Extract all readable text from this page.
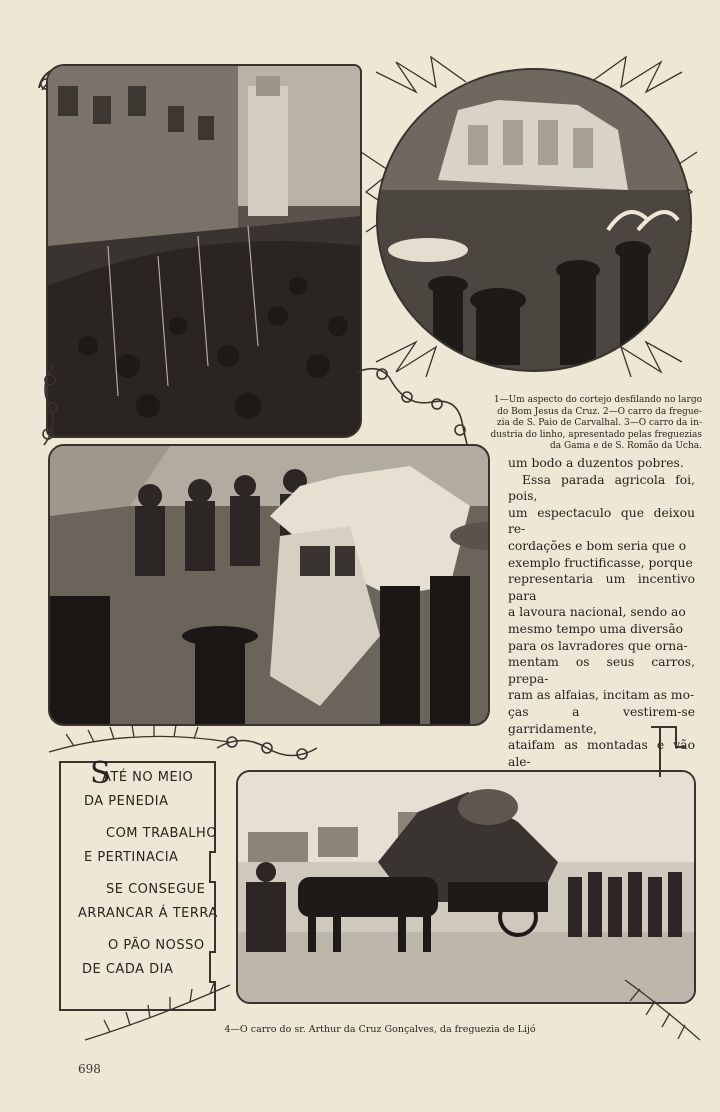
1—Um aspecto do cortejo desfilando no largo
do Bom Jesus da Cruz. 2—O carro da fregue-
zia de S. Paio de Carvalhal. 3—O carro da in-
dustria do linho, apresentado pelas freguezias
da Gama e de S. Romão da Ucha.

um bodo a duzentos pobres.

Essa parada agricola foi, pois,

um espectaculo que deixou re-

cordações e bom seria que o

exemplo fructificasse, porque

representaria um incentivo para

a lavoura nacional, sendo ao

mesmo tempo uma diversão

para os lavradores que orna-

mentam os seus carros, prepa-

ram as alfaias, incitam as mo-

ças a vestirem-se garridamente,

ataifam as montadas e vão ale-

S
ATÉ NO MEIO
DA PENEDIA
COM TRABALHO
E PERTINACIA
SE CONSEGUE
ARRANCAR Á TERRA
O PÃO NOSSO
DE CADA DIA
4—O carro do sr. Arthur da Cruz Gonçalves, da freguezia de Lijó
698
